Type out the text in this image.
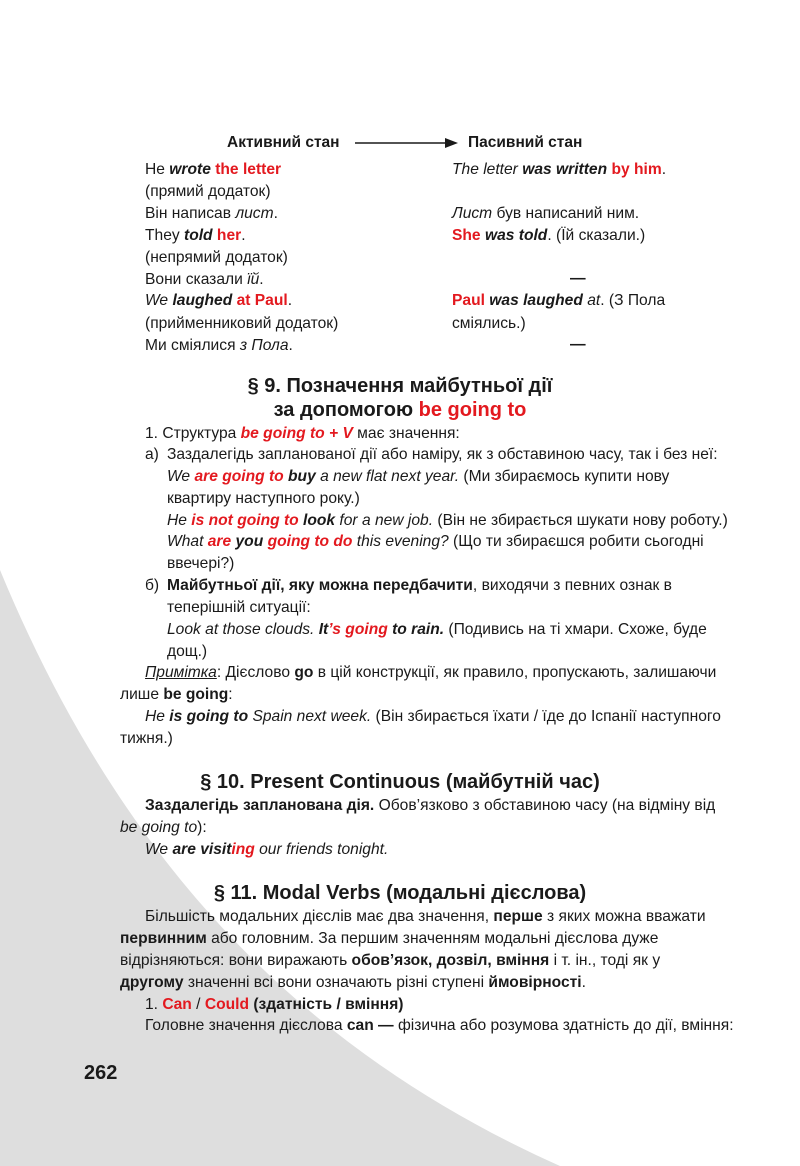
Активний стан	Пасивний стан
Не wrote the letter
(прямий додаток)
Він написав лист.
They told her.
(непрямий додаток)
Вони сказали їй.
We laughed at Paul.
(прийменниковий додаток)
Ми сміялися з Пола.
The letter was written by him.
Лист був написаний ним.
She was told. (Їй сказали.)
—
Paul was laughed at. (З Пола
сміялись.)
—
§ 9. Позначення майбутньої дії
за допомогою be going to
1. Структура be going to + V має значення:
а) Заздалегідь запланованої дії або наміру, як з обставиною часу, так і без неї:
We are going to buy a new flat next year. (Ми збираємось купити нову
квартиру наступного року.)
He is not going to look for a new job. (Він не збирається шукати нову роботу.)
What are you going to do this evening? (Що ти збираєшся робити сьогодні
ввечері?)
б) Майбутньої дії, яку можна передбачити, виходячи з певних ознак в
теперішній ситуації:
Look at those clouds. It’s going to rain. (Подивись на ті хмари. Схоже, буде
дощ.)
Примітка: Дієслово go в цій конструкції, як правило, пропускають, залишаючи
лише be going:
He is going to Spain next week. (Він збирається їхати / їде до Іспанії наступного
тижня.)
§ 10. Present Continuous (майбутній час)
Заздалегідь запланована дія. Обов’язково з обставиною часу (на відміну від
be going to):
We are visiting our friends tonight.
§ 11. Modal Verbs (модальні дієслова)
Більшість модальних дієслів має два значення, перше з яких можна вважати
первинним або головним. За першим значенням модальні дієслова дуже
відрізняються: вони виражають обов’язок, дозвіл, вміння і т. ін., тоді як у
другому значенні всі вони означають різні ступені ймовірності.
1. Can / Could (здатність / вміння)
Головне значення дієслова can — фізична або розумова здатність до дії, вміння:
262
